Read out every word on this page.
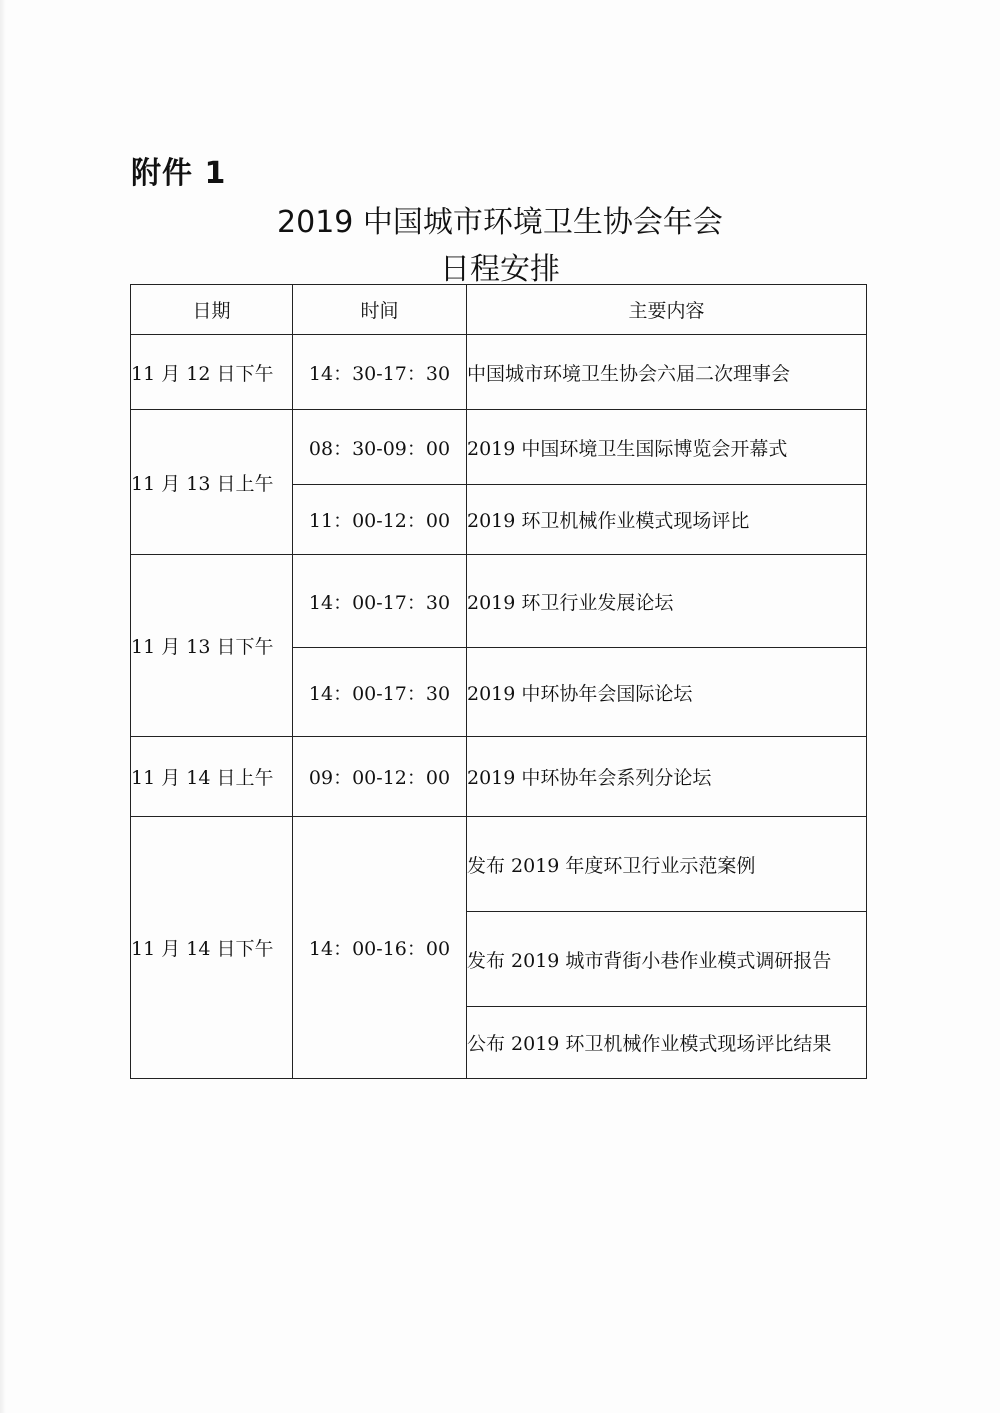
附件 1
2019 中国城市环境卫生协会年会
日程安排
日期	时间	主要内容
11 月 12 日下午	14：30-17：30	中国城市环境卫生协会六届二次理事会
11 月 13 日上午	08：30-09：00	2019 中国环境卫生国际博览会开幕式
	11：00-12：00	2019 环卫机械作业模式现场评比
11 月 13 日下午	14：00-17：30	2019 环卫行业发展论坛
	14：00-17：30	2019 中环协年会国际论坛
11 月 14 日上午	09：00-12：00	2019 中环协年会系列分论坛
11 月 14 日下午	14：00-16：00	发布 2019 年度环卫行业示范案例
		发布 2019 城市背街小巷作业模式调研报告
		公布 2019 环卫机械作业模式现场评比结果
